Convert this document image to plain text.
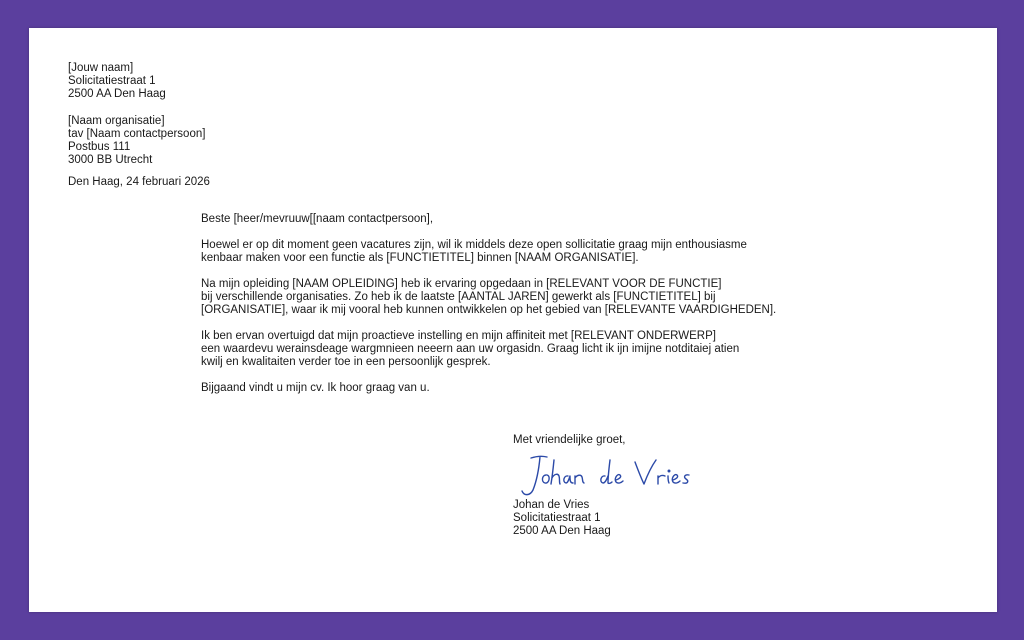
[Jouw naam]
Solicitatiestraat 1
2500 AA Den Haag
[Naam organisatie]
tav [Naam contactpersoon]
Postbus 111
3000 BB Utrecht
Den Haag, 24 februari 2026
Beste [heer/mevruuw[[naam contactpersoon],
Hoewel er op dit moment geen vacatures zijn, wil ik middels deze open sollicitatie graag mijn enthousiasme
kenbaar maken voor een functie als [FUNCTIETITEL] binnen [NAAM ORGANISATIE].
Na mijn opleiding [NAAM OPLEIDING] heb ik ervaring opgedaan in [RELEVANT VOOR DE FUNCTIE]
bij verschillende organisaties. Zo heb ik de laatste [AANTAL JAREN] gewerkt als [FUNCTIETITEL] bij
[ORGANISATIE], waar ik mij vooral heb kunnen ontwikkelen op het gebied van [RELEVANTE VAARDIGHEDEN].
Ik ben ervan overtuigd dat mijn proactieve instelling en mijn affiniteit met [RELEVANT ONDERWERP]
een waardevu werainsdeage wargmnieen neeern aan uw orgasidn. Graag licht ik ijn imijne notditaiej atien
kwilj en kwalitaiten verder toe in een persoonlijk gesprek.
Bijgaand vindt u mijn cv. Ik hoor graag van u.
Met vriendelijke groet,
Johan de Vries
Solicitatiestraat 1
2500 AA Den Haag
